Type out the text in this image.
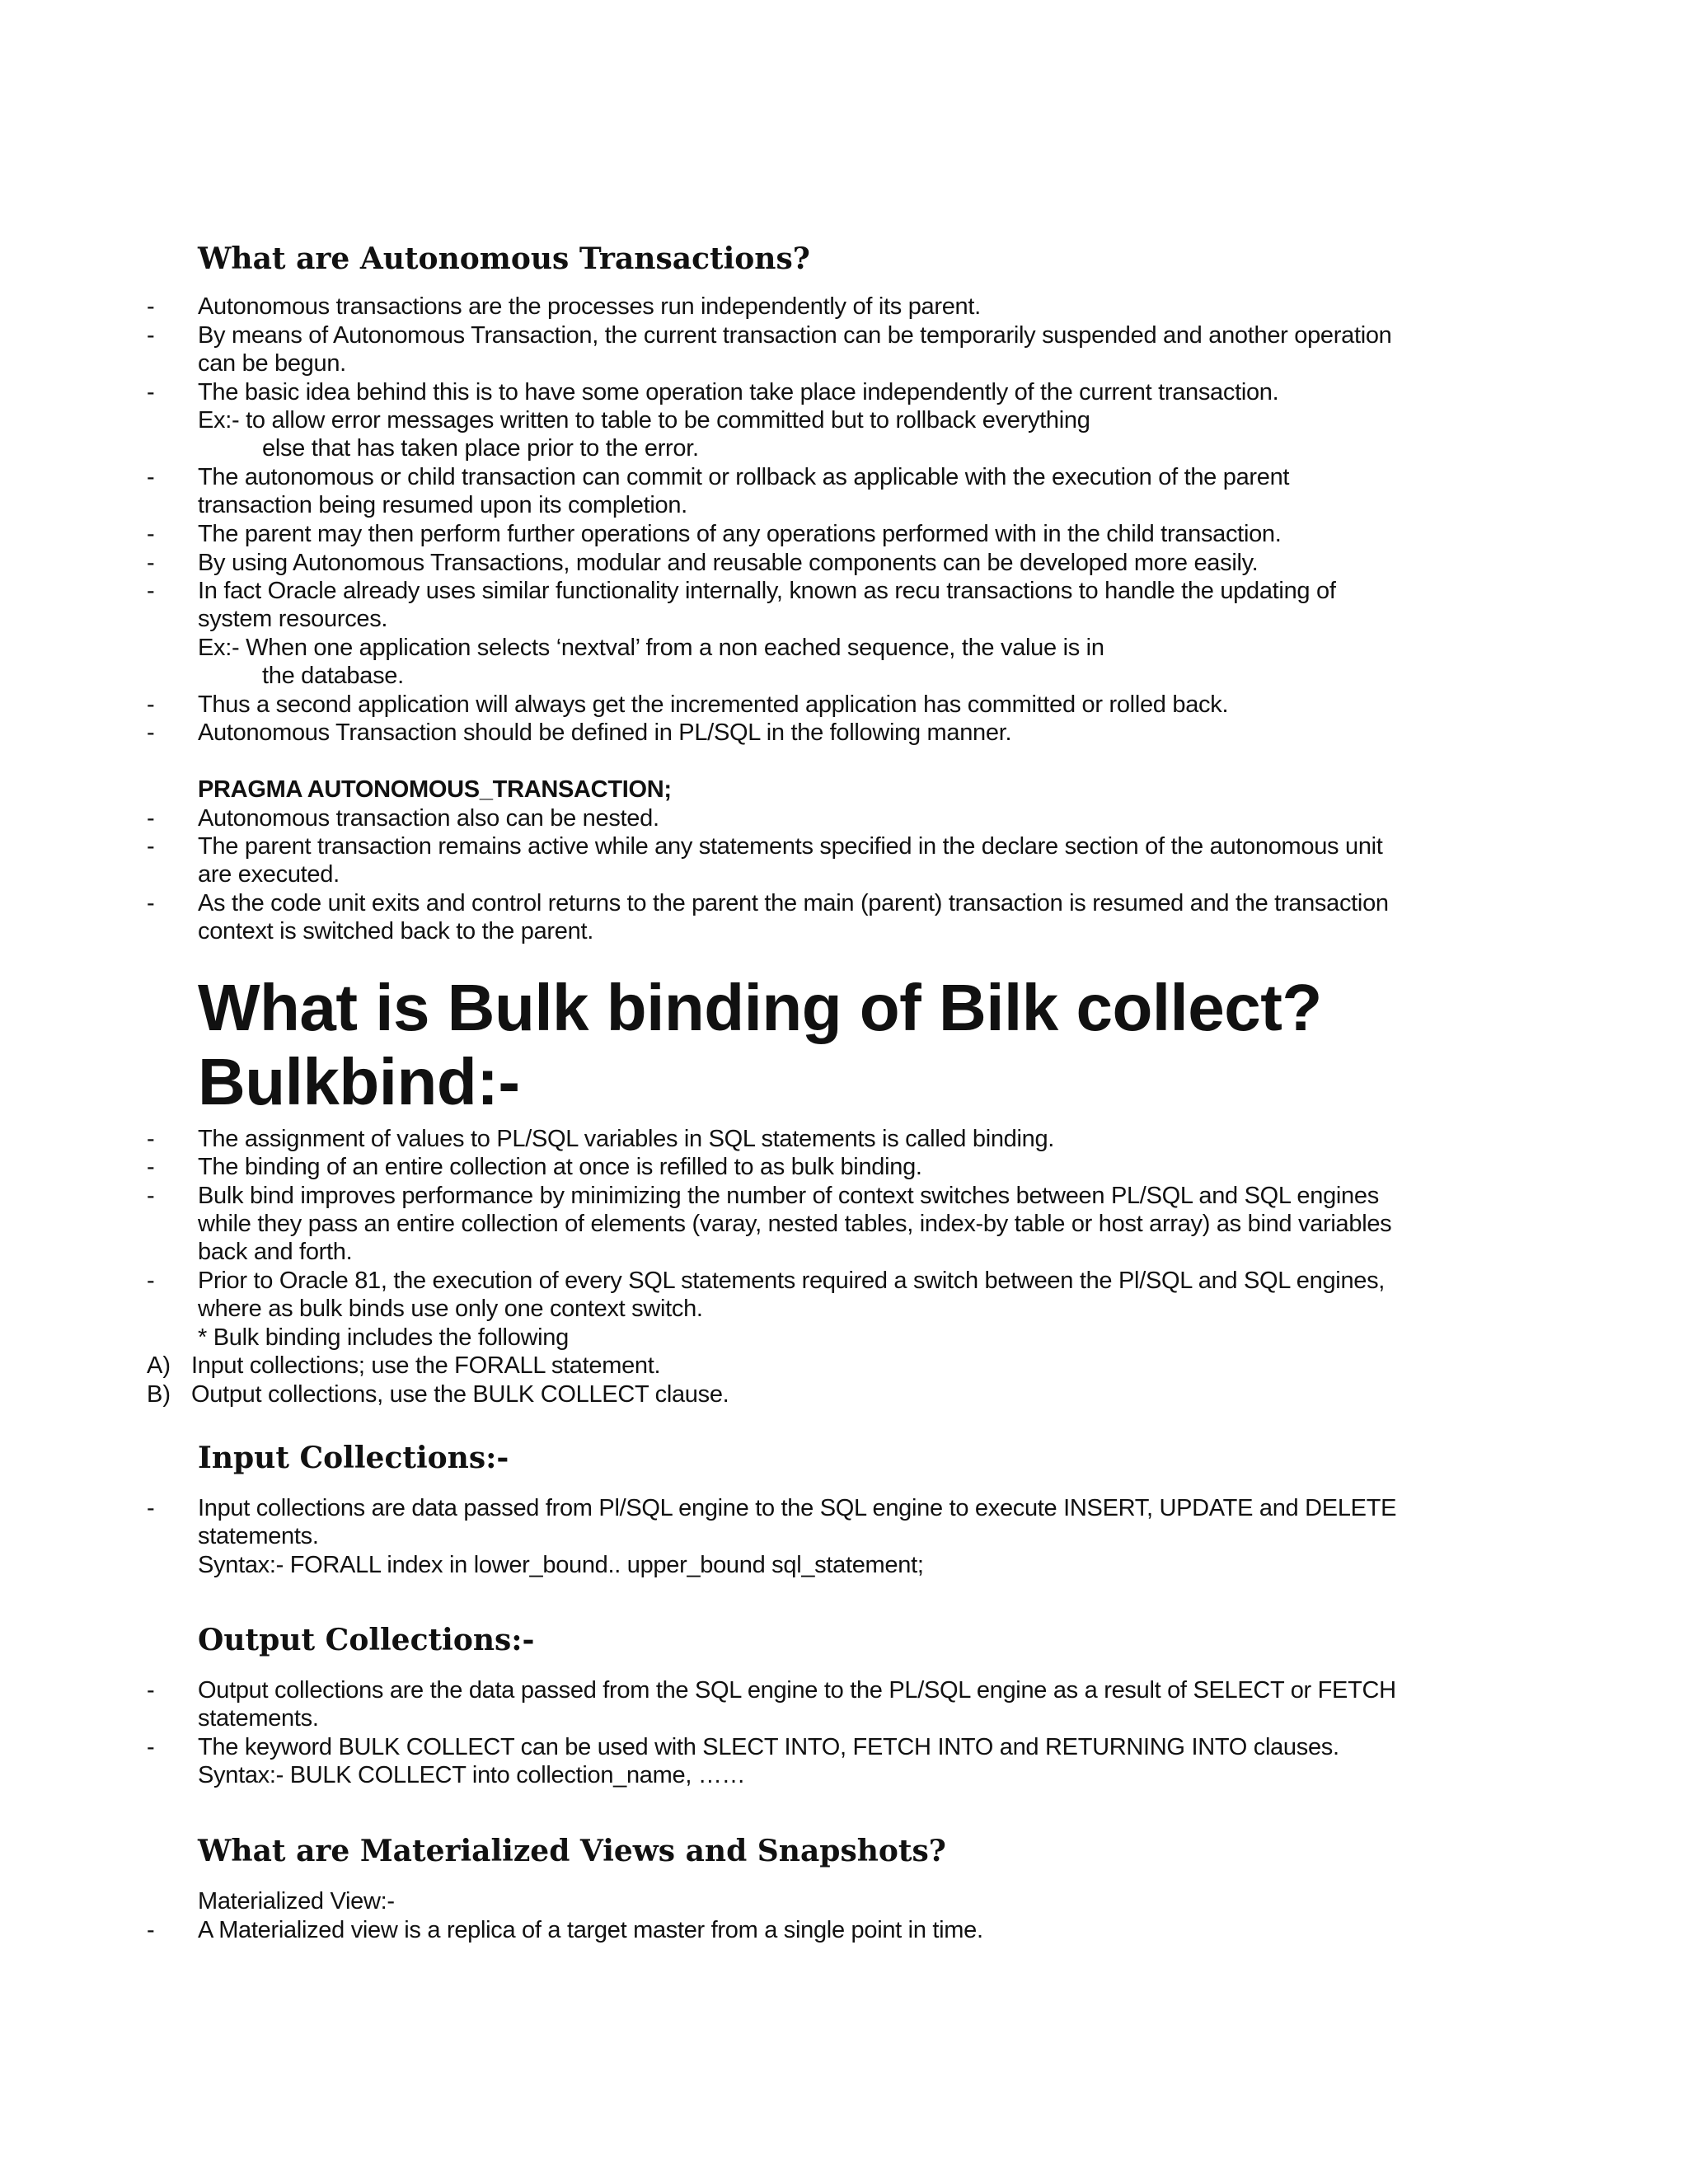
What are Autonomous Transactions?
- Autonomous transactions are the processes run independently of its parent.
- By means of Autonomous Transaction, the current transaction can be temporarily suspended and another operation
can be begun.
- The basic idea behind this is to have some operation take place independently of the current transaction.
Ex:- to allow error messages written to table to be committed but to rollback everything
else that has taken place prior to the error.
- The autonomous or child transaction can commit or rollback as applicable with the execution of the parent
transaction being resumed upon its completion.
- The parent may then perform further operations of any operations performed with in the child transaction.
- By using Autonomous Transactions, modular and reusable components can be developed more easily.
- In fact Oracle already uses similar functionality internally, known as recu transactions to handle the updating of
system resources.
Ex:- When one application selects ‘nextval’ from a non eached sequence, the value is in
the database.
- Thus a second application will always get the incremented application has committed or rolled back.
- Autonomous Transaction should be defined in PL/SQL in the following manner.
PRAGMA AUTONOMOUS_TRANSACTION;
- Autonomous transaction also can be nested.
- The parent transaction remains active while any statements specified in the declare section of the autonomous unit
are executed.
- As the code unit exits and control returns to the parent the main (parent) transaction is resumed and the transaction
context is switched back to the parent.
What is Bulk binding of Bilk collect?
Bulkbind:-
- The assignment of values to PL/SQL variables in SQL statements is called binding.
- The binding of an entire collection at once is refilled to as bulk binding.
- Bulk bind improves performance by minimizing the number of context switches between PL/SQL and SQL engines
while they pass an entire collection of elements (varay, nested tables, index-by table or host array) as bind variables
back and forth.
- Prior to Oracle 81, the execution of every SQL statements required a switch between the Pl/SQL and SQL engines,
where as bulk binds use only one context switch.
* Bulk binding includes the following
A) Input collections; use the FORALL statement.
B) Output collections, use the BULK COLLECT clause.
Input Collections:-
- Input collections are data passed from Pl/SQL engine to the SQL engine to execute INSERT, UPDATE and DELETE
statements.
Syntax:- FORALL index in lower_bound.. upper_bound sql_statement;
Output Collections:-
- Output collections are the data passed from the SQL engine to the PL/SQL engine as a result of SELECT or FETCH
statements.
- The keyword BULK COLLECT can be used with SLECT INTO, FETCH INTO and RETURNING INTO clauses.
Syntax:- BULK COLLECT into collection_name, ……
What are Materialized Views and Snapshots?
Materialized View:-
- A Materialized view is a replica of a target master from a single point in time.
